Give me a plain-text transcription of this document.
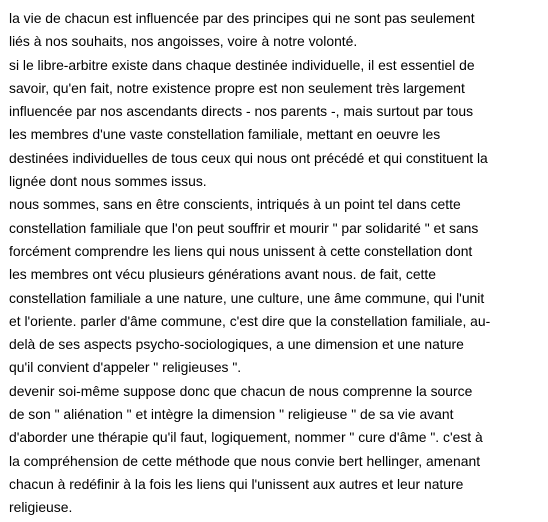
la vie de chacun est influencée par des principes qui ne sont pas seulement
liés à nos souhaits, nos angoisses, voire à notre volonté.
si le libre-arbitre existe dans chaque destinée individuelle, il est essentiel de
savoir, qu'en fait, notre existence propre est non seulement très largement
influencée par nos ascendants directs - nos parents -, mais surtout par tous
les membres d'une vaste constellation familiale, mettant en oeuvre les
destinées individuelles de tous ceux qui nous ont précédé et qui constituent la
lignée dont nous sommes issus.
nous sommes, sans en être conscients, intriqués à un point tel dans cette
constellation familiale que l'on peut souffrir et mourir " par solidarité " et sans
forcément comprendre les liens qui nous unissent à cette constellation dont
les membres ont vécu plusieurs générations avant nous. de fait, cette
constellation familiale a une nature, une culture, une âme commune, qui l'unit
et l'oriente. parler d'âme commune, c'est dire que la constellation familiale, au-
delà de ses aspects psycho-sociologiques, a une dimension et une nature
qu'il convient d'appeler " religieuses ".
devenir soi-même suppose donc que chacun de nous comprenne la source
de son " aliénation " et intègre la dimension " religieuse " de sa vie avant
d'aborder une thérapie qu'il faut, logiquement, nommer " cure d'âme ". c'est à
la compréhension de cette méthode que nous convie bert hellinger, amenant
chacun à redéfinir à la fois les liens qui l'unissent aux autres et leur nature
religieuse.
